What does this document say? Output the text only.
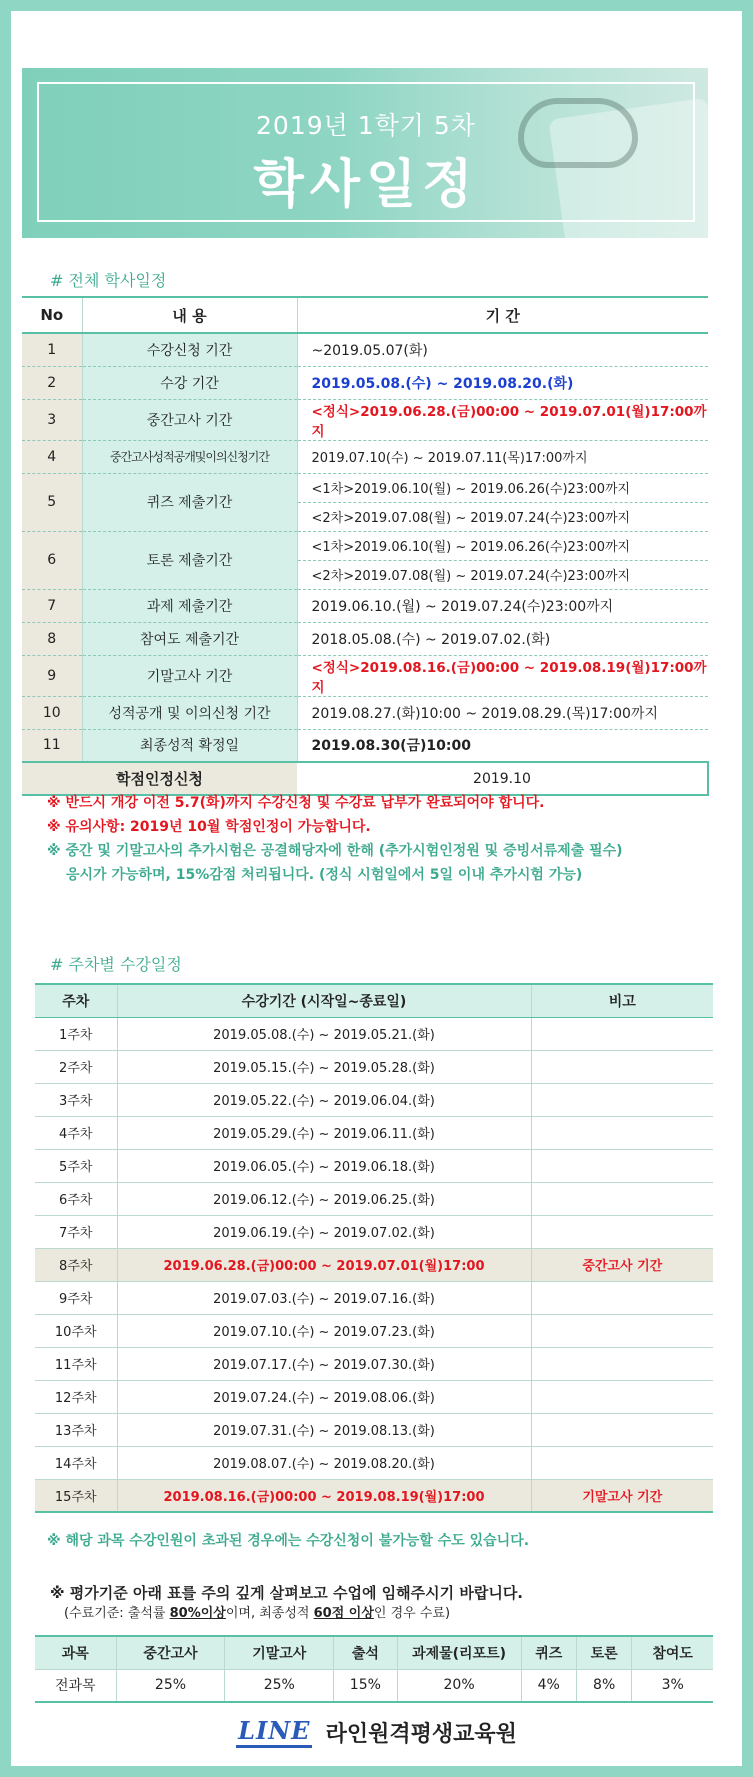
2019년 1학기 5차
학사일정
# 전체 학사일정
No	내 용	기 간
1	수강신청 기간	~2019.05.07(화)
2	수강 기간	2019.05.08.(수) ~ 2019.08.20.(화)
3	중간고사 기간	<정식>2019.06.28.(금)00:00 ~ 2019.07.01(월)17:00까지
4	중간고사성적공개및이의신청기간	2019.07.10(수) ~ 2019.07.11(목)17:00까지
5	퀴즈 제출기간	<1차>2019.06.10(월) ~ 2019.06.26(수)23:00까지
		<2차>2019.07.08(월) ~ 2019.07.24(수)23:00까지
6	토론 제출기간	<1차>2019.06.10(월) ~ 2019.06.26(수)23:00까지
		<2차>2019.07.08(월) ~ 2019.07.24(수)23:00까지
7	과제 제출기간	2019.06.10.(월) ~ 2019.07.24(수)23:00까지
8	참여도 제출기간	2018.05.08.(수) ~ 2019.07.02.(화)
9	기말고사 기간	<정식>2019.08.16.(금)00:00 ~ 2019.08.19(월)17:00까지
10	성적공개 및 이의신청 기간	2019.08.27.(화)10:00 ~ 2019.08.29.(목)17:00까지
11	최종성적 확정일	2019.08.30(금)10:00
학점인정신청		2019.10
※ 반드시 개강 이전 5.7(화)까지 수강신청 및 수강료 납부가 완료되어야 합니다.
※ 유의사항: 2019년 10월 학점인정이 가능합니다.
※ 중간 및 기말고사의 추가시험은 공결해당자에 한해 (추가시험인정원 및 증빙서류제출 필수)
응시가 가능하며, 15%감점 처리됩니다. (정식 시험일에서 5일 이내 추가시험 가능)
# 주차별 수강일정
주차	수강기간 (시작일~종료일)	비고
1주차	2019.05.08.(수) ~ 2019.05.21.(화)	
2주차	2019.05.15.(수) ~ 2019.05.28.(화)	
3주차	2019.05.22.(수) ~ 2019.06.04.(화)	
4주차	2019.05.29.(수) ~ 2019.06.11.(화)	
5주차	2019.06.05.(수) ~ 2019.06.18.(화)	
6주차	2019.06.12.(수) ~ 2019.06.25.(화)	
7주차	2019.06.19.(수) ~ 2019.07.02.(화)	
8주차	2019.06.28.(금)00:00 ~ 2019.07.01(월)17:00	중간고사 기간
9주차	2019.07.03.(수) ~ 2019.07.16.(화)	
10주차	2019.07.10.(수) ~ 2019.07.23.(화)	
11주차	2019.07.17.(수) ~ 2019.07.30.(화)	
12주차	2019.07.24.(수) ~ 2019.08.06.(화)	
13주차	2019.07.31.(수) ~ 2019.08.13.(화)	
14주차	2019.08.07.(수) ~ 2019.08.20.(화)	
15주차	2019.08.16.(금)00:00 ~ 2019.08.19(월)17:00	기말고사 기간
※ 해당 과목 수강인원이 초과된 경우에는 수강신청이 불가능할 수도 있습니다.
※ 평가기준 아래 표를 주의 깊게 살펴보고 수업에 임해주시기 바랍니다.
(수료기준: 출석률 80%이상이며, 최종성적 60점 이상인 경우 수료)
과목	중간고사	기말고사	출석	과제물(리포트)	퀴즈	토론	참여도
전과목	25%	25%	15%	20%	4%	8%	3%
LINE 라인원격평생교육원
